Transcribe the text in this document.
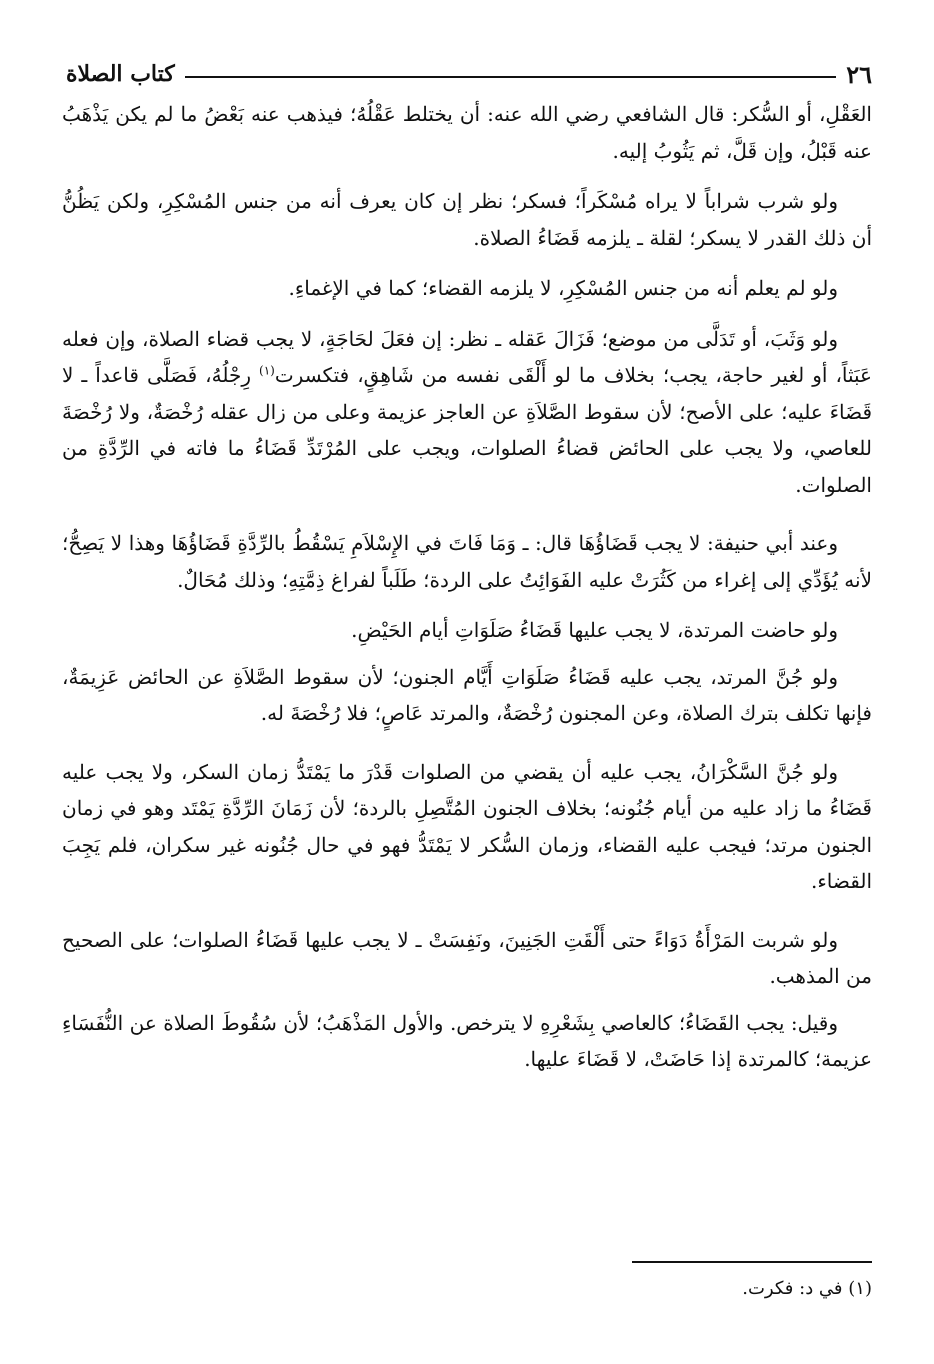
٢٦
كتاب الصلاة

العَقْلِ، أو السُّكر: قال الشافعي رضي الله عنه: أن يختلط عَقْلُهُ؛ فيذهب عنه بَعْضُ ما لم يكن يَذْهَبُ عنه قَبْلُ، وإن قَلَّ، ثم يَثُوبُ إليه.

ولو شرب شراباً لا يراه مُسْكَراً؛ فسكر؛ نظر إن كان يعرف أنه من جنس المُسْكِرِ، ولكن يَظُنُّ أن ذلك القدر لا يسكر؛ لقلة ـ يلزمه قَضَاءُ الصلاة.

ولو لم يعلم أنه من جنس المُسْكِرِ، لا يلزمه القضاء؛ كما في الإغماءِ.

ولو وَثَبَ، أو تَدَلَّى من موضع؛ فَزَالَ عَقله ـ نظر: إن فعَلَ لحَاجَةٍ، لا يجب قضاء الصلاة، وإن فعله عَبَثاً، أو لغير حاجة، يجب؛ بخلاف ما لو أَلْقَى نفسه من شَاهِقٍ، فتكسرت$^{(١)}$ رِجْلُهُ، فَصَلَّى قاعداً ـ لا قَضَاءَ عليه؛ على الأصح؛ لأن سقوط الصَّلاَةِ عن العاجز عزيمة وعلى من زال عقله رُخْصَةٌ، ولا رُخْصَةَ للعاصي، ولا يجب على الحائض قضاءُ الصلوات، ويجب على المُرْتَدِّ قَضَاءُ ما فاته في الرِّدَّةِ من الصلوات.

وعند أبي حنيفة: لا يجب قَضَاؤُهَا قال: ـ وَمَا فَاتَ في الإِسْلاَمِ يَسْقُطُ بالرِّدَّةِ قَضَاؤُهَا وهذا لا يَصِحُّ؛ لأنه يُؤَدِّي إلى إغراء من كَثُرَتْ عليه الفَوَائِتُ على الردة؛ طَلَباً لفراغ ذِمَّتِهِ؛ وذلك مُحَالٌ.

ولو حاضت المرتدة، لا يجب عليها قَضَاءُ صَلَوَاتِ أيام الحَيْضِ.

ولو جُنَّ المرتد، يجب عليه قَضَاءُ صَلَوَاتِ أَيَّام الجنون؛ لأن سقوط الصَّلاَةِ عن الحائض عَزِيمَةٌ، فإنها تكلف بترك الصلاة، وعن المجنون رُخْصَةٌ، والمرتد عَاصٍ؛ فلا رُخْصَةَ له.

ولو جُنَّ السَّكْرَانُ، يجب عليه أن يقضي من الصلوات قَدْرَ ما يَمْتَدُّ زمان السكر، ولا يجب عليه قَضَاءُ ما زاد عليه من أيام جُنُونه؛ بخلاف الجنون المُتَّصِلِ بالردة؛ لأن زَمَانَ الرِّدَّةِ يَمْتَد وهو في زمان الجنون مرتد؛ فيجب عليه القضاء، وزمان السُّكر لا يَمْتَدُّ فهو في حال جُنُونه غير سكران، فلم يَجِبَ القضاء.

ولو شربت المَرْأَةُ دَوَاءً حتى أَلْقَتِ الجَنِينَ، ونَفِسَتْ ـ لا يجب عليها قَضَاءُ الصلوات؛ على الصحيح من المذهب.

وقيل: يجب القَضَاءُ؛ كالعاصي بِشَعْرِهِ لا يترخص. والأول المَذْهَبُ؛ لأن سُقُوطَ الصلاة عن النُّفَسَاءِ عزيمة؛ كالمرتدة إذا حَاضَتْ، لا قَضَاءَ عليها.

(١) في د: فكرت.
